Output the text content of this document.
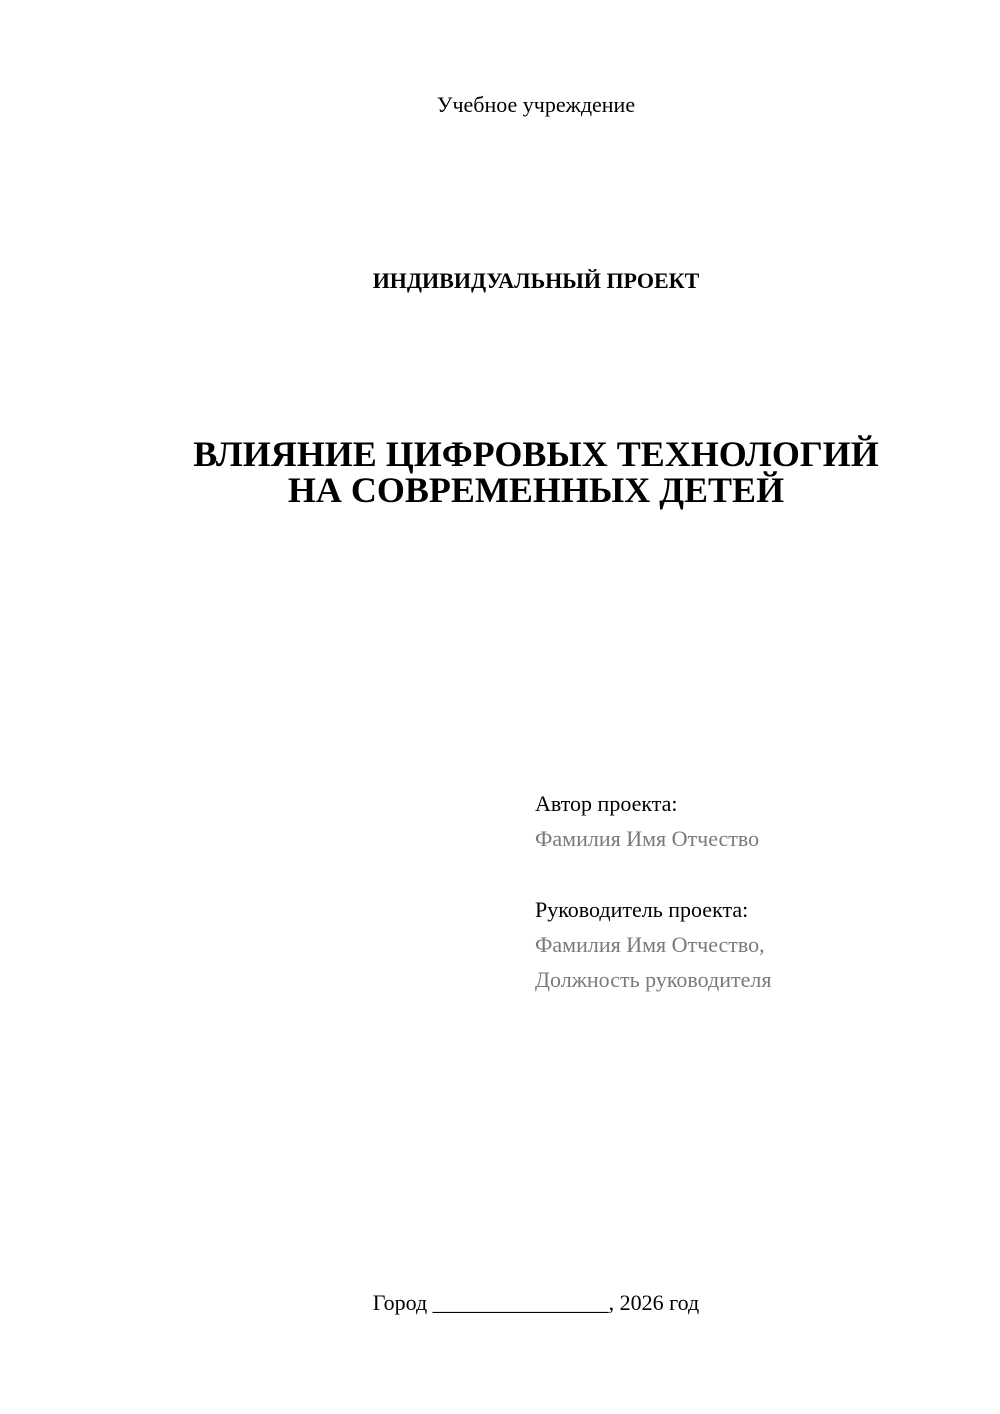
Учебное учреждение
ИНДИВИДУАЛЬНЫЙ ПРОЕКТ
ВЛИЯНИЕ ЦИФРОВЫХ ТЕХНОЛОГИЙ
НА СОВРЕМЕННЫХ ДЕТЕЙ
Автор проекта:
Фамилия Имя Отчество
Руководитель проекта:
Фамилия Имя Отчество,
Должность руководителя
Город ________________, 2026 год
